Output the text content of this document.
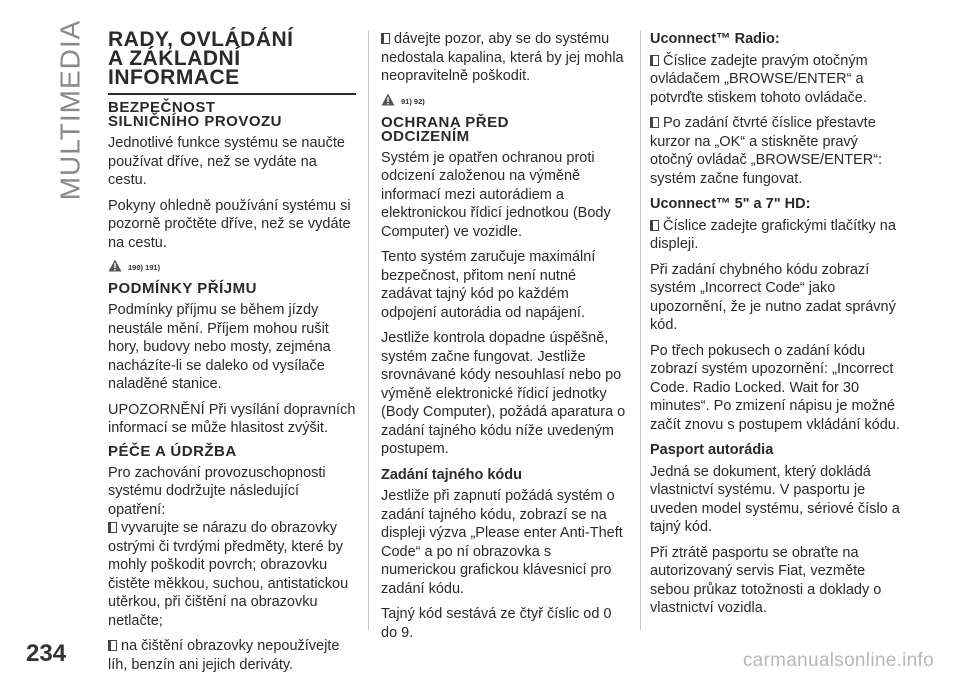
MULTIMEDIA RADY, OVLÁDÁNÍ
A ZÁKLADNÍ
INFORMACE
BEZPEČNOST
SILNIČNÍHO PROVOZU

Jednotlivé funkce systému se naučte používat dříve, než se vydáte na cestu.

Pokyny ohledně používání systému si pozorně pročtěte dříve, než se vydáte na cestu.

190) 191)
PODMÍNKY PŘÍJMU

Podmínky příjmu se během jízdy neustále mění. Příjem mohou rušit hory, budovy nebo mosty, zejména nacházíte-li se daleko od vysílače naladěné stanice.

UPOZORNĚNÍ Při vysílání dopravních informací se může hlasitost zvýšit.

PÉČE A ÚDRŽBA

Pro zachování provozuschopnosti systému dodržujte následující opatření:

vyvarujte se nárazu do obrazovky ostrými či tvrdými předměty, které by mohly poškodit povrch; obrazovku čistěte měkkou, suchou, antistatickou utěrkou, při čištění na obrazovku netlačte;

na čištění obrazovky nepoužívejte líh, benzín ani jejich deriváty.

dávejte pozor, aby se do systému nedostala kapalina, která by jej mohla neopravitelně poškodit.

91) 92)
OCHRANA PŘED
ODCIZENÍM

Systém je opatřen ochranou proti odcizení založenou na výměně informací mezi autorádiem a elektronickou řídicí jednotkou (Body Computer) ve vozidle.

Tento systém zaručuje maximální bezpečnost, přitom není nutné zadávat tajný kód po každém odpojení autorádia od napájení.

Jestliže kontrola dopadne úspěšně, systém začne fungovat. Jestliže srovnávané kódy nesouhlasí nebo po výměně elektronické řídicí jednotky (Body Computer), požádá aparatura o zadání tajného kódu níže uvedeným postupem.

Zadání tajného kódu

Jestliže při zapnutí požádá systém o zadání tajného kódu, zobrazí se na displeji výzva „Please enter Anti-Theft Code“ a po ní obrazovka s numerickou grafickou klávesnicí pro zadání kódu.

Tajný kód sestává ze čtyř číslic od 0 do 9.

Uconnect™ Radio:

Číslice zadejte pravým otočným ovládačem „BROWSE/ENTER“ a potvrďte stiskem tohoto ovládače.

Po zadání čtvrté číslice přestavte kurzor na „OK“ a stiskněte pravý otočný ovládač „BROWSE/ENTER“: systém začne fungovat.

Uconnect™ 5" a 7" HD:

Číslice zadejte grafickými tlačítky na displeji.

Při zadání chybného kódu zobrazí systém „Incorrect Code“ jako upozornění, že je nutno zadat správný kód.

Po třech pokusech o zadání kódu zobrazí systém upozornění: „Incorrect Code. Radio Locked. Wait for 30 minutes“. Po zmizení nápisu je možné začít znovu s postupem vkládání kódu.

Pasport autorádia

Jedná se dokument, který dokládá vlastnictví systému. V pasportu je uveden model systému, sériové číslo a tajný kód.

Při ztrátě pasportu se obraťte na autorizovaný servis Fiat, vezměte sebou průkaz totožnosti a doklady o vlastnictví vozidla.

234	carmanualsonline.info
